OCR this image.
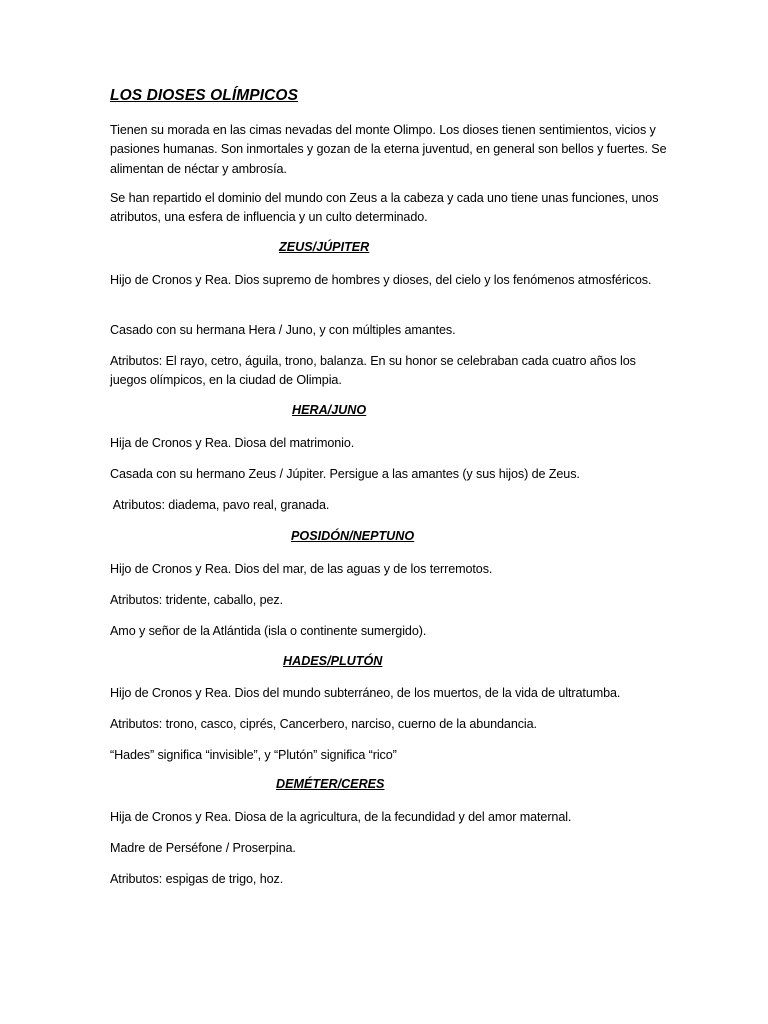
LOS DIOSES OLÍMPICOS
Tienen su morada en las cimas nevadas del monte Olimpo. Los dioses tienen sentimientos, vicios y pasiones humanas. Son inmortales y gozan de la eterna juventud, en general son bellos y fuertes. Se alimentan de néctar y ambrosía.
Se han repartido el dominio del mundo con Zeus a la cabeza y cada uno tiene unas funciones, unos atributos, una esfera de influencia y un culto determinado.
ZEUS/JÚPITER
Hijo de Cronos y Rea. Dios supremo de hombres y dioses, del cielo y los fenómenos atmosféricos.
Casado con su hermana Hera / Juno, y con múltiples amantes.
Atributos: El rayo, cetro, águila, trono, balanza. En su honor se celebraban cada cuatro años los juegos olímpicos, en la ciudad de Olimpia.
HERA/JUNO
Hija de Cronos y Rea. Diosa del matrimonio.
Casada con su hermano Zeus / Júpiter. Persigue a las amantes (y sus hijos) de Zeus.
Atributos: diadema, pavo real, granada.
POSIDÓN/NEPTUNO
Hijo de Cronos y Rea. Dios del mar, de las aguas y de los terremotos.
Atributos: tridente, caballo, pez.
Amo y señor de la Atlántida (isla o continente sumergido).
HADES/PLUTÓN
Hijo de Cronos y Rea. Dios del mundo subterráneo, de los muertos, de la vida de ultratumba.
Atributos: trono, casco, ciprés, Cancerbero, narciso, cuerno de la abundancia.
“Hades” significa “invisible”, y “Plutón” significa “rico”
DEMÉTER/CERES
Hija de Cronos y Rea. Diosa de la agricultura, de la fecundidad y del amor maternal.
Madre de Perséfone / Proserpina.
Atributos: espigas de trigo, hoz.
